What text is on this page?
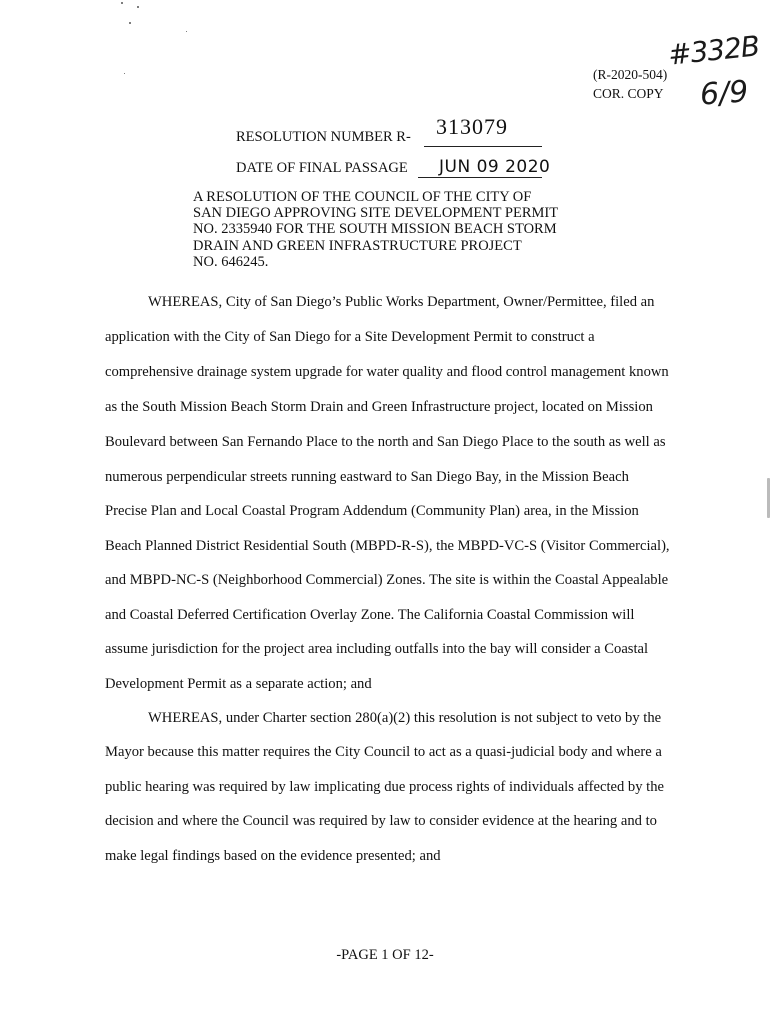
(R-2020-504)
COR. COPY
#332B
6/9
RESOLUTION NUMBER R- 313079
DATE OF FINAL PASSAGE JUN 09 2020
A RESOLUTION OF THE COUNCIL OF THE CITY OF
SAN DIEGO APPROVING SITE DEVELOPMENT PERMIT
NO. 2335940 FOR THE SOUTH MISSION BEACH STORM
DRAIN AND GREEN INFRASTRUCTURE PROJECT
NO. 646245.
WHEREAS, City of San Diego’s Public Works Department, Owner/Permittee, filed an
application with the City of San Diego for a Site Development Permit to construct a
comprehensive drainage system upgrade for water quality and flood control management known
as the South Mission Beach Storm Drain and Green Infrastructure project, located on Mission
Boulevard between San Fernando Place to the north and San Diego Place to the south as well as
numerous perpendicular streets running eastward to San Diego Bay, in the Mission Beach
Precise Plan and Local Coastal Program Addendum (Community Plan) area, in the Mission
Beach Planned District Residential South (MBPD-R-S), the MBPD-VC-S (Visitor Commercial),
and MBPD-NC-S (Neighborhood Commercial) Zones. The site is within the Coastal Appealable
and Coastal Deferred Certification Overlay Zone. The California Coastal Commission will
assume jurisdiction for the project area including outfalls into the bay will consider a Coastal
Development Permit as a separate action; and
WHEREAS, under Charter section 280(a)(2) this resolution is not subject to veto by the
Mayor because this matter requires the City Council to act as a quasi-judicial body and where a
public hearing was required by law implicating due process rights of individuals affected by the
decision and where the Council was required by law to consider evidence at the hearing and to
make legal findings based on the evidence presented; and
-PAGE 1 OF 12-
